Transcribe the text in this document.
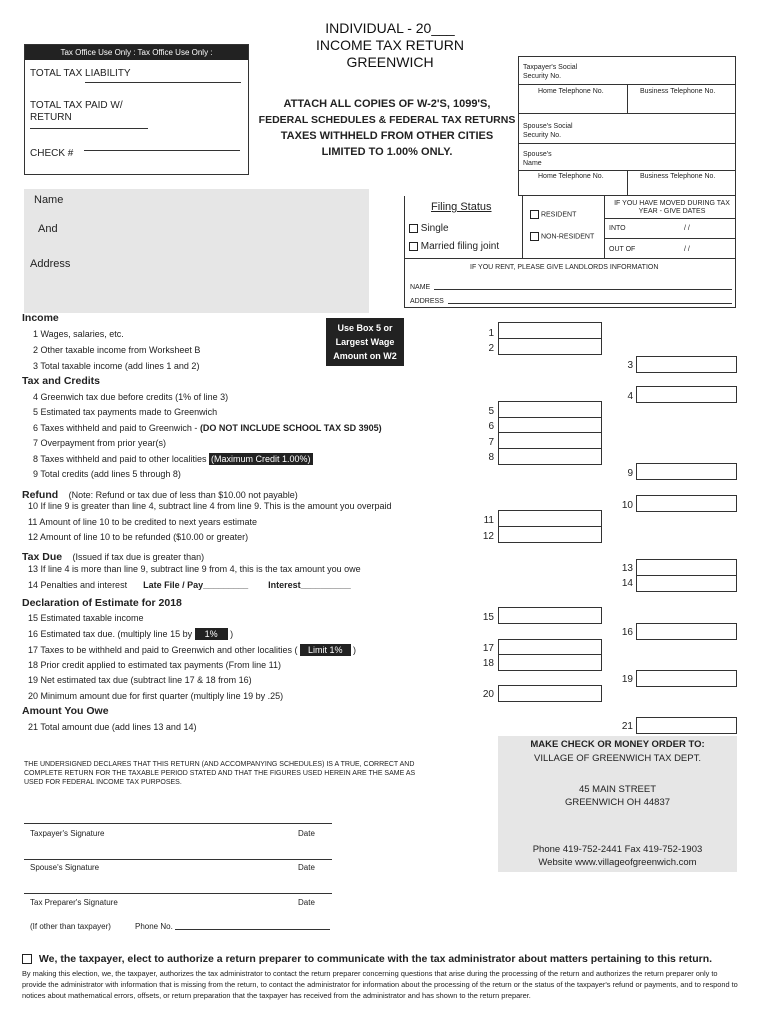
Tax Office Use Only : Tax Office Use Only :
TOTAL TAX LIABILITY
TOTAL TAX PAID W/ RETURN
CHECK #
INDIVIDUAL - 20___
INCOME TAX RETURN
GREENWICH
ATTACH ALL COPIES OF W-2'S, 1099'S,
FEDERAL SCHEDULES & FEDERAL TAX RETURNS
TAXES WITHHELD FROM OTHER CITIES
LIMITED TO 1.00% ONLY.
Taxpayer's Social Security No.
Home Telephone No.	Business Telephone No.
Spouse's Social Security No.
Spouse's Name
Home Telephone No.	Business Telephone No.
Name
And
Address
Filing Status
Single
Married filing joint
RESIDENT
NON-RESIDENT
IF YOU HAVE MOVED DURING TAX YEAR - GIVE DATES
INTO	/ /
OUT OF	/ /
IF YOU RENT, PLEASE GIVE LANDLORDS INFORMATION
NAME
ADDRESS
Income
Use Box 5 or Largest Wage Amount on W2
1 Wages, salaries, etc.
2 Other taxable income from Worksheet B
3 Total taxable income (add lines 1 and 2)
1
2
3
Tax and Credits
4 Greenwich tax due before credits (1% of line 3)	4
5 Estimated tax payments made to Greenwich	5
6 Taxes withheld and paid to Greenwich - (DO NOT INCLUDE SCHOOL TAX SD 3905)	6
7 Overpayment from prior year(s)	7
8 Taxes withheld and paid to other localities (Maximum Credit 1.00%)	8
9 Total credits (add lines 5 through 8)	9
Refund (Note: Refund or tax due of less than $10.00 not payable)
10 If line 9 is greater than line 4, subtract line 4 from line 9. This is the amount you overpaid	10
11 Amount of line 10 to be credited to next years estimate	11
12 Amount of line 10 to be refunded ($10.00 or greater)	12
Tax Due (Issued if tax due is greater than)
13 If line 4 is more than line 9, subtract line 9 from 4, this is the tax amount you owe	13
14 Penalties and interest Late File / Pay_________ Interest__________	14
Declaration of Estimate for 2018
15 Estimated taxable income	15
16 Estimated tax due. (multiply line 15 by 1% )	16
17 Taxes to be withheld and paid to Greenwich and other localities ( Limit 1% )	17
18 Prior credit applied to estimated tax payments (From line 11)	18
19 Net estimated tax due (subtract line 17 & 18 from 16)	19
20 Minimum amount due for first quarter (multiply line 19 by .25)	20
Amount You Owe
21 Total amount due (add lines 13 and 14)	21
THE UNDERSIGNED DECLARES THAT THIS RETURN (AND ACCOMPANYING SCHEDULES) IS A TRUE, CORRECT AND COMPLETE RETURN FOR THE TAXABLE PERIOD STATED AND THAT THE FIGURES USED HEREIN ARE THE SAME AS USED FOR FEDERAL INCOME TAX PURPOSES.
Taxpayer's Signature	Date
Spouse's Signature	Date
Tax Preparer's Signature	Date
(If other than taxpayer)	Phone No.
MAKE CHECK OR MONEY ORDER TO:
VILLAGE OF GREENWICH TAX DEPT.
45 MAIN STREET
GREENWICH OH 44837
Phone 419-752-2441 Fax 419-752-1903
Website www.villageofgreenwich.com
We, the taxpayer, elect to authorize a return preparer to communicate with the tax administrator about matters pertaining to this return.
By making this election, we, the taxpayer, authorizes the tax administrator to contact the return preparer concerning questions that arise during the processing of the return and authorizes the return preparer only to provide the administrator with information that is missing from the return, to contact the administrator for information about the processing of the return or the status of the taxpayer's refund or payments, and to respond to notices about mathematical errors, offsets, or return preparation that the taxpayer has received from the administrator and has shown to the return preparer.
